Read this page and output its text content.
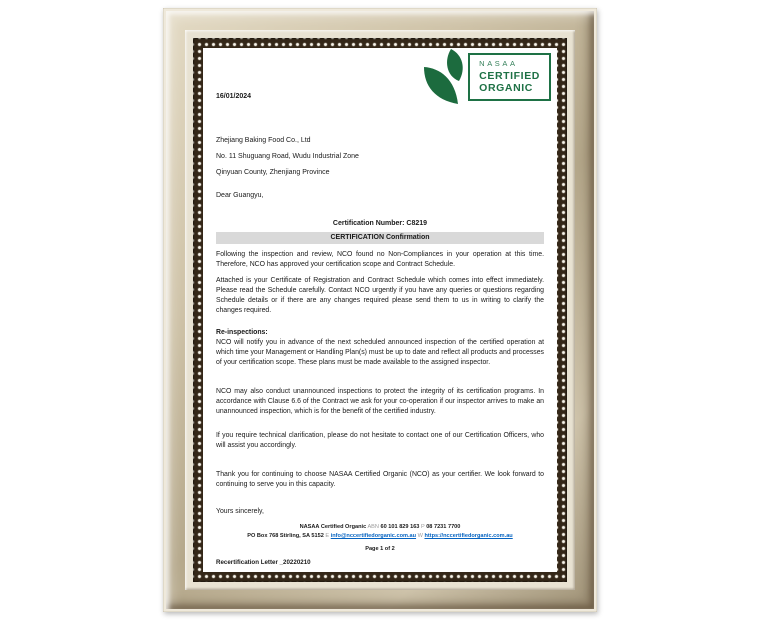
NASAA
CERTIFIED
ORGANIC
16/01/2024
Zhejiang Baking Food Co., Ltd
No. 11 Shuguang Road, Wudu Industrial Zone
Qinyuan County, Zhenjiang Province
Dear Guangyu,
Certification Number: C8219
CERTIFICATION Confirmation
Following the inspection and review, NCO found no Non-Compliances in your operation at this time. Therefore, NCO has approved your certification scope and Contract Schedule.
Attached is your Certificate of Registration and Contract Schedule which comes into effect immediately. Please read the Schedule carefully. Contact NCO urgently if you have any queries or questions regarding Schedule details or if there are any changes required please send them to us in writing to clarify the changes required.
Re-inspections:
NCO will notify you in advance of the next scheduled announced inspection of the certified operation at which time your Management or Handling Plan(s) must be up to date and reflect all products and processes of your certification scope. These plans must be made available to the assigned inspector.
NCO may also conduct unannounced inspections to protect the integrity of its certification programs. In accordance with Clause 6.6 of the Contract we ask for your co-operation if our inspector arrives to make an unannounced inspection, which is for the benefit of the certified industry.
If you require technical clarification, please do not hesitate to contact one of our Certification Officers, who will assist you accordingly.
Thank you for continuing to choose NASAA Certified Organic (NCO) as your certifier. We look forward to continuing to serve you in this capacity.
Yours sincerely,
NASAA Certified Organic ABN 60 101 829 163 P 08 7231 7700
PO Box 768 Stirling, SA 5152 E info@nccertifiedorganic.com.au W https://nccertifiedorganic.com.au
Page 1 of 2
Recertification Letter _20220210
